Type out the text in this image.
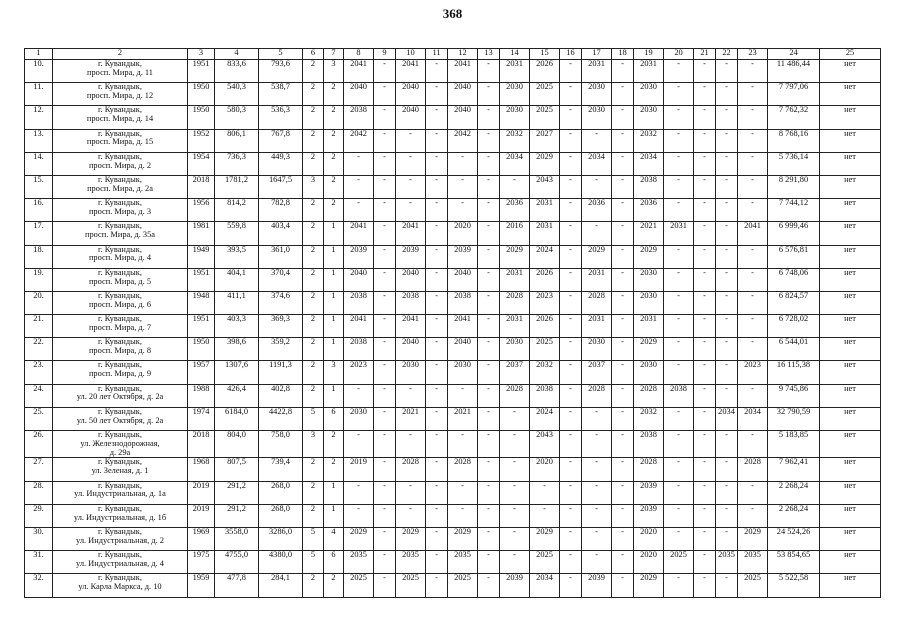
368
1	2	3	4	5	6	7	8	9	10	11	12	13	14	15	16	17	18	19	20	21	22	23	24	25
10.	г. Кувандык,
просп. Мира, д. 11	1951	833,6	793,6	2	3	2041	-	2041	-	2041	-	2031	2026	-	2031	-	2031	-	-	-	-	11 486,44	нет
11.	г. Кувандык,
просп. Мира, д. 12	1950	540,3	538,7	2	2	2040	-	2040	-	2040	-	2030	2025	-	2030	-	2030	-	-	-	-	7 797,06	нет
12.	г. Кувандык,
просп. Мира, д. 14	1950	580,3	536,3	2	2	2038	-	2040	-	2040	-	2030	2025	-	2030	-	2030	-	-	-	-	7 762,32	нет
13.	г. Кувандык,
просп. Мира, д. 15	1952	806,1	767,8	2	2	2042	-	-	-	2042	-	2032	2027	-	-	-	2032	-	-	-	-	8 768,16	нет
14.	г. Кувандык,
просп. Мира, д. 2	1954	736,3	449,3	2	2	-	-	-	-	-	-	2034	2029	-	2034	-	2034	-	-	-	-	5 736,14	нет
15.	г. Кувандык,
просп. Мира, д. 2а	2018	1781,2	1647,5	3	2	-	-	-	-	-	-	-	2043	-	-	-	2038	-	-	-	-	8 291,80	нет
16.	г. Кувандык,
просп. Мира, д. 3	1956	814,2	782,8	2	2	-	-	-	-	-	-	2036	2031	-	2036	-	2036	-	-	-	-	7 744,12	нет
17.	г. Кувандык,
просп. Мира, д. 35а	1981	559,8	403,4	2	1	2041	-	2041	-	2020	-	2016	2031	-	-	-	2021	2031	-	-	2041	6 999,46	нет
18.	г. Кувандык,
просп. Мира, д. 4	1949	393,5	361,0	2	1	2039	-	2039	-	2039	-	2029	2024	-	2029	-	2029	-	-	-	-	6 576,81	нет
19.	г. Кувандык,
просп. Мира, д. 5	1951	404,1	370,4	2	1	2040	-	2040	-	2040	-	2031	2026	-	2031	-	2030	-	-	-	-	6 748,06	нет
20.	г. Кувандык,
просп. Мира, д. 6	1948	411,1	374,6	2	1	2038	-	2038	-	2038	-	2028	2023	-	2028	-	2030	-	-	-	-	6 824,57	нет
21.	г. Кувандык,
просп. Мира, д. 7	1951	403,3	369,3	2	1	2041	-	2041	-	2041	-	2031	2026	-	2031	-	2031	-	-	-	-	6 728,02	нет
22.	г. Кувандык,
просп. Мира, д. 8	1950	398,6	359,2	2	1	2038	-	2040	-	2040	-	2030	2025	-	2030	-	2029	-	-	-	-	6 544,01	нет
23.	г. Кувандык,
просп. Мира, д. 9	1957	1307,6	1191,3	2	3	2023	-	2030	-	2030	-	2037	2032	-	2037	-	2030	-	-	-	2023	16 115,38	нет
24.	г. Кувандык,
ул. 20 лет Октября, д. 2а	1988	426,4	402,8	2	1	-	-	-	-	-	-	2028	2038	-	2028	-	2028	2038	-	-	-	9 745,86	нет
25.	г. Кувандык,
ул. 50 лет Октября, д. 2а	1974	6184,0	4422,8	5	6	2030	-	2021	-	2021	-	-	2024	-	-	-	2032	-	-	2034	2034	32 790,59	нет
26.	г. Кувандык,
ул. Железнодорожная,
д. 29а	2018	804,0	758,0	3	2	-	-	-	-	-	-	-	2043	-	-	-	2038	-	-	-	-	5 183,85	нет
27.	г. Кувандык,
ул. Зеленая, д. 1	1968	807,5	739,4	2	2	2019	-	2028	-	2028	-	-	2020	-	-	-	2028	-	-	-	2028	7 962,41	нет
28.	г. Кувандык,
ул. Индустриальная, д. 1а	2019	291,2	268,0	2	1	-	-	-	-	-	-	-	-	-	-	-	2039	-	-	-	-	2 268,24	нет
29.	г. Кувандык,
ул. Индустриальная, д. 1б	2019	291,2	268,0	2	1	-	-	-	-	-	-	-	-	-	-	-	2039	-	-	-	-	2 268,24	нет
30.	г. Кувандык,
ул. Индустриальная, д. 2	1969	3558,0	3286,0	5	4	2029	-	2029	-	2029	-	-	2029	-	-	-	2020	-	-	-	2029	24 524,26	нет
31.	г. Кувандык,
ул. Индустриальная, д. 4	1975	4755,0	4380,0	5	6	2035	-	2035	-	2035	-	-	2025	-	-	-	2020	2025	-	2035	2035	53 854,65	нет
32.	г. Кувандык,
ул. Карла Маркса, д. 10	1959	477,8	284,1	2	2	2025	-	2025	-	2025	-	2039	2034	-	2039	-	2029	-	-	-	2025	5 522,58	нет
